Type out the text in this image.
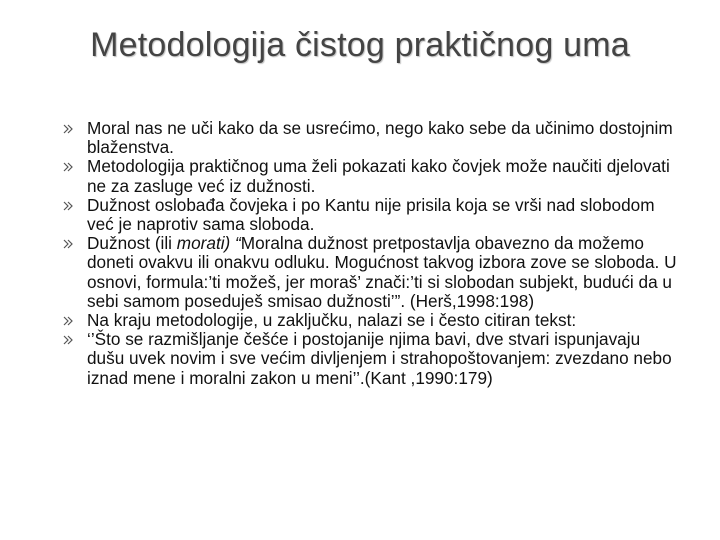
Metodologija čistog praktičnog uma
Moral nas ne uči kako da se usrećimo, nego kako sebe da učinimo dostojnim blaženstva.
Metodologija praktičnog uma želi pokazati kako čovjek može naučiti djelovati ne za zasluge već iz dužnosti.
Dužnost oslobađa čovjeka i po Kantu nije prisila koja se vrši nad slobodom već je naprotiv sama sloboda.
Dužnost (ili morati) “Moralna dužnost pretpostavlja obavezno da možemo doneti ovakvu ili onakvu odluku. Mogućnost takvog izbora zove se sloboda. U osnovi, formula:’ti možeš, jer moraš’ znači:’ti si slobodan subjekt, budući da u sebi samom poseduješ smisao dužnosti’”. (Herš,1998:198)
Na kraju metodologije, u zaključku, nalazi se i često citiran tekst:
‘’Što se razmišljanje češće i postojanije njima bavi, dve stvari ispunjavaju dušu uvek novim i sve većim divljenjem i strahopoštovanjem: zvezdano nebo iznad mene i moralni zakon u meni’’.(Kant ,1990:179)
